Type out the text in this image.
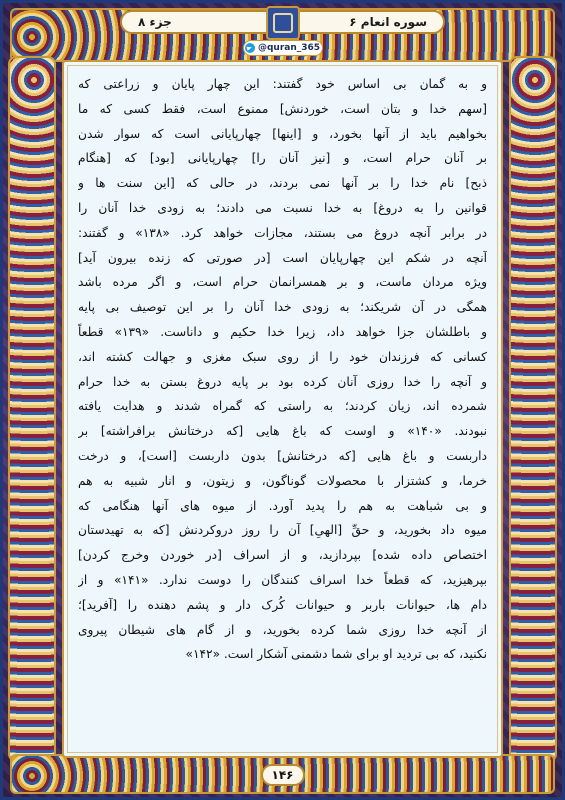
جزء ۸	سوره انعام ۶
@quran_365
و به گمان بی اساس خود گفتند: این چهار پایان و زراعتی که
[سهم خدا و بتان است، خوردنش] ممنوع است، فقط کسی که ما
بخواهیم باید از آنها بخورد، و [اینها] چهارپایانی است که سوار شدن
بر آنان حرام است، و [نیز آنان را] چهارپایانی [بود] که [هنگام
ذبح] نام خدا را بر آنها نمی بردند، در حالی که [این سنت ها و
قوانین را به دروغ] به خدا نسبت می دادند؛ به زودی خدا آنان را
در برابر آنچه دروغ می بستند، مجازات خواهد کرد. «۱۳۸» و گفتند:
آنچه در شکم این چهارپایان است [در صورتی که زنده بیرون آید]
ویژه مردان ماست، و بر همسرانمان حرام است، و اگر مرده باشد
همگی در آن شریکند؛ به زودی خدا آنان را بر این توصیف بی پایه
و باطلشان جزا خواهد داد، زیرا خدا حکیم و داناست. «۱۳۹» قطعاً
کسانی که فرزندان خود را از روی سبک مغزی و جهالت کشته اند،
و آنچه را خدا روزی آنان کرده بود بر پایه دروغ بستن به خدا حرام
شمرده اند، زیان کردند؛ به راستی که گمراه شدند و هدایت یافته
نبودند. «۱۴۰» و اوست که باغ هایی [که درختانش برافراشته] بر
داربست و باغ هایی [که درختانش] بدون داربست [است]، و درخت
خرما، و کشتزار با محصولات گوناگون، و زیتون، و انار شبیه به هم
و بی شباهت به هم را پدید آورد. از میوه های آنها هنگامی که
میوه داد بخورید، و حقِّ [الهیِ] آن را روز دروکردنش [که به تهیدستان
اختصاص داده شده] بپردازید، و از اسراف [در خوردن وخرج کردن]
بپرهیزید، که قطعاً خدا اسراف کنندگان را دوست ندارد. «۱۴۱» و از
دام ها، حیوانات باربر و حیوانات کُرک دار و پشم دهنده را [آفرید]؛
از آنچه خدا روزی شما کرده بخورید، و از گام های شیطان پیروی
نکنید، که بی تردید او برای شما دشمنی آشکار است. «۱۴۲»
۱۴۶
